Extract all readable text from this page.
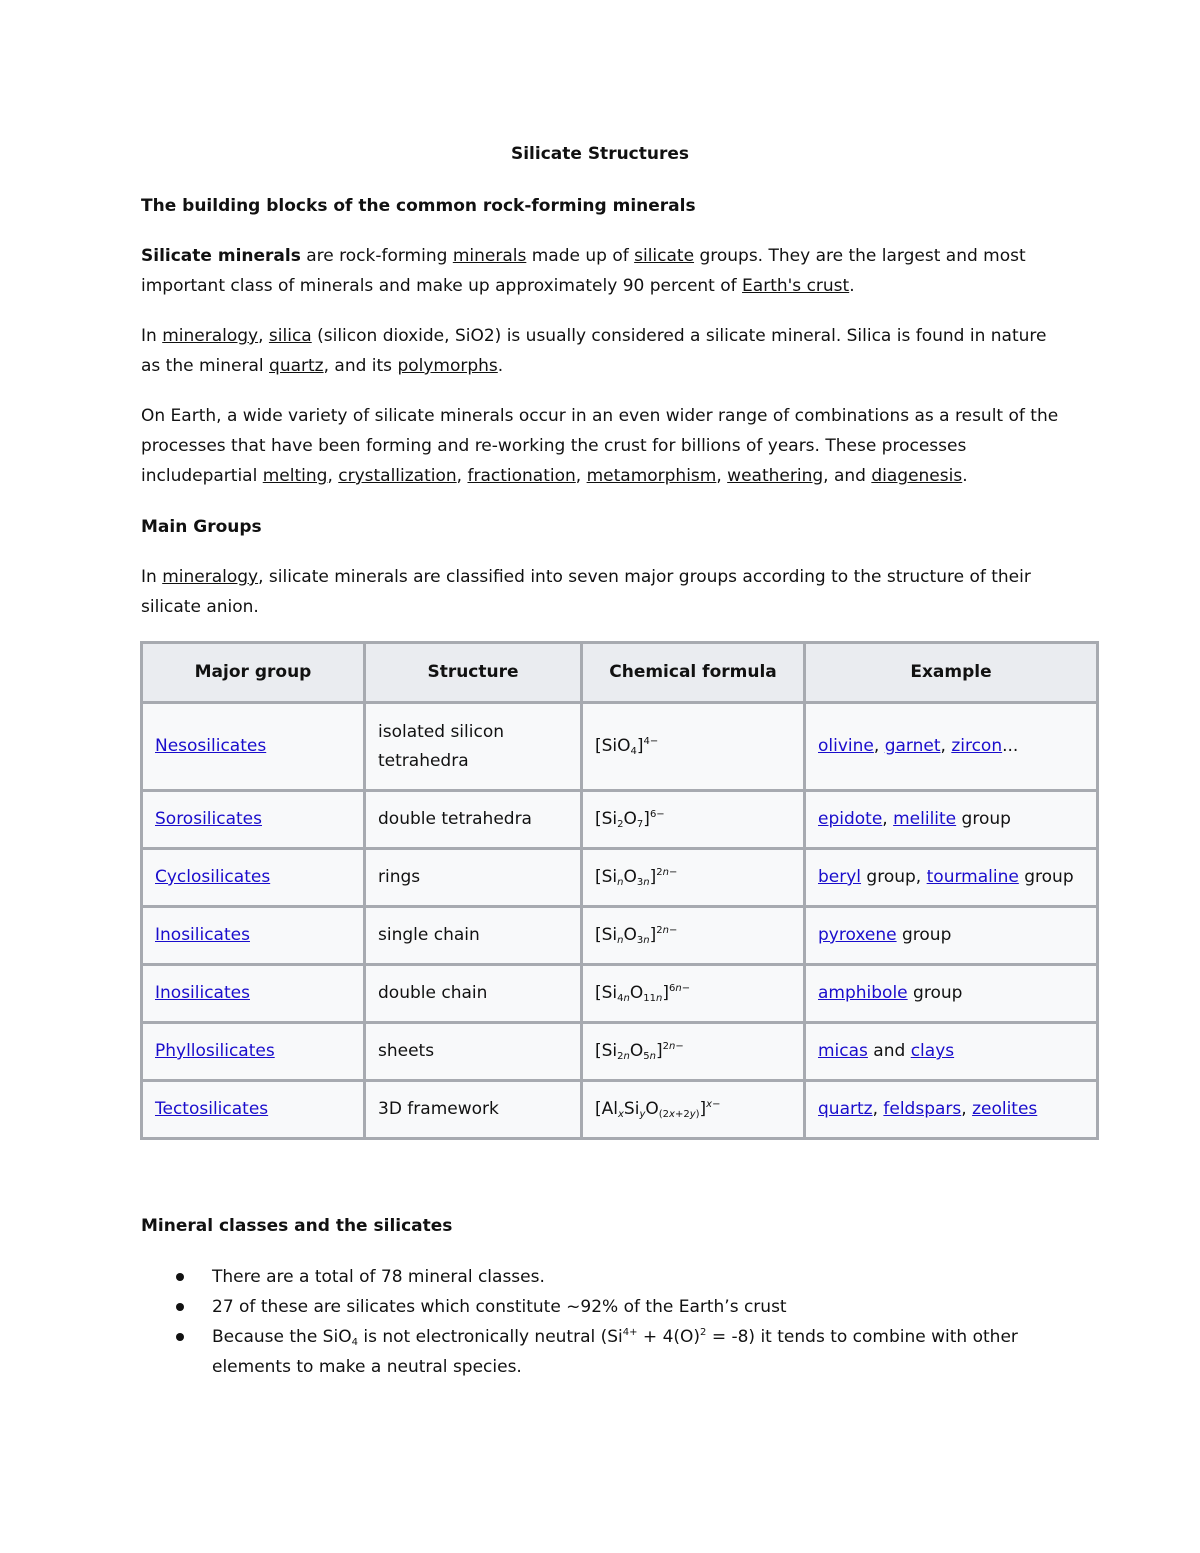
Silicate Structures
The building blocks of the common rock-forming minerals
Silicate minerals are rock-forming minerals made up of silicate groups. They are the largest and most important class of minerals and make up approximately 90 percent of Earth's crust.
In mineralogy, silica (silicon dioxide, SiO2) is usually considered a silicate mineral. Silica is found in nature as the mineral quartz, and its polymorphs.
On Earth, a wide variety of silicate minerals occur in an even wider range of combinations as a result of the processes that have been forming and re-working the crust for billions of years. These processes includepartial melting, crystallization, fractionation, metamorphism, weathering, and diagenesis.
Main Groups
In mineralogy, silicate minerals are classified into seven major groups according to the structure of their silicate anion.
Major group	Structure	Chemical formula	Example
Nesosilicates	isolated silicon tetrahedra	$[SiO_4]^{4-}$	olivine, garnet, zircon...
Sorosilicates	double tetrahedra	$[Si_2O_7]^{6-}$	epidote, melilite group
Cyclosilicates	rings	$[Si_nO_{3n}]^{2n-}$	beryl group, tourmaline group
Inosilicates	single chain	$[Si_nO_{3n}]^{2n-}$	pyroxene group
Inosilicates	double chain	$[Si_{4n}O_{11n}]^{6n-}$	amphibole group
Phyllosilicates	sheets	$[Si_{2n}O_{5n}]^{2n-}$	micas and clays
Tectosilicates	3D framework	$[Al_xSi_yO_{(2x+2y)}]^{x-}$	quartz, feldspars, zeolites
Mineral classes and the silicates
There are a total of 78 mineral classes.
27 of these are silicates which constitute ~92% of the Earth’s crust
Because the SiO$_4$ is not electronically neutral $(Si^{4+} + 4(O)^2 = -8)$ it tends to combine with other elements to make a neutral species.
